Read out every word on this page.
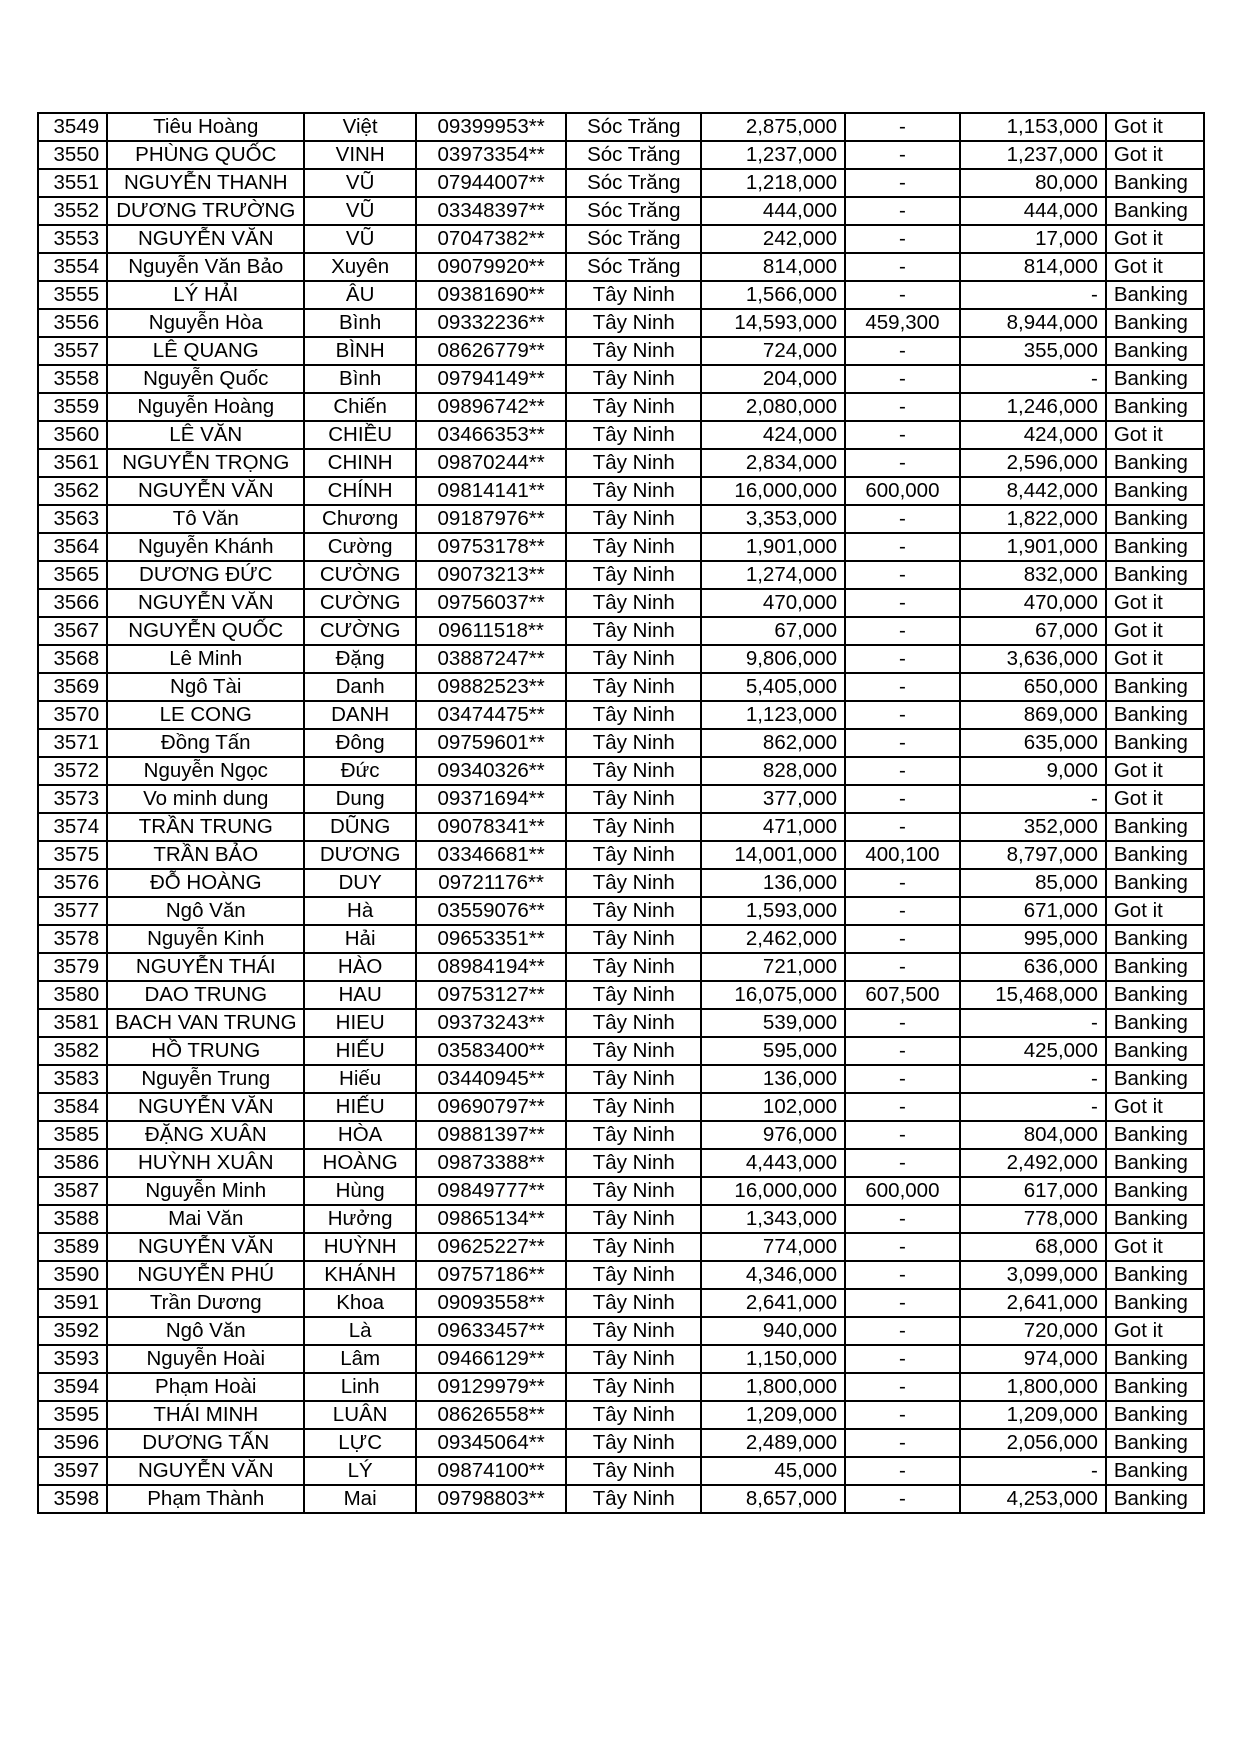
3549	Tiêu Hoàng	Việt	09399953**	Sóc Trăng	2,875,000	-	1,153,000	Got it
3550	PHÙNG QUỐC	VINH	03973354**	Sóc Trăng	1,237,000	-	1,237,000	Got it
3551	NGUYỄN THANH	VŨ	07944007**	Sóc Trăng	1,218,000	-	80,000	Banking
3552	DƯƠNG TRƯỜNG	VŨ	03348397**	Sóc Trăng	444,000	-	444,000	Banking
3553	NGUYỄN VĂN	VŨ	07047382**	Sóc Trăng	242,000	-	17,000	Got it
3554	Nguyễn Văn Bảo	Xuyên	09079920**	Sóc Trăng	814,000	-	814,000	Got it
3555	LÝ HẢI	ÂU	09381690**	Tây Ninh	1,566,000	-	-	Banking
3556	Nguyễn Hòa	Bình	09332236**	Tây Ninh	14,593,000	459,300	8,944,000	Banking
3557	LÊ QUANG	BÌNH	08626779**	Tây Ninh	724,000	-	355,000	Banking
3558	Nguyễn Quốc	Bình	09794149**	Tây Ninh	204,000	-	-	Banking
3559	Nguyễn Hoàng	Chiến	09896742**	Tây Ninh	2,080,000	-	1,246,000	Banking
3560	LÊ VĂN	CHIỀU	03466353**	Tây Ninh	424,000	-	424,000	Got it
3561	NGUYỄN TRỌNG	CHINH	09870244**	Tây Ninh	2,834,000	-	2,596,000	Banking
3562	NGUYỄN VĂN	CHÍNH	09814141**	Tây Ninh	16,000,000	600,000	8,442,000	Banking
3563	Tô Văn	Chương	09187976**	Tây Ninh	3,353,000	-	1,822,000	Banking
3564	Nguyễn Khánh	Cường	09753178**	Tây Ninh	1,901,000	-	1,901,000	Banking
3565	DƯƠNG ĐỨC	CƯỜNG	09073213**	Tây Ninh	1,274,000	-	832,000	Banking
3566	NGUYỄN VĂN	CƯỜNG	09756037**	Tây Ninh	470,000	-	470,000	Got it
3567	NGUYỄN QUỐC	CƯỜNG	09611518**	Tây Ninh	67,000	-	67,000	Got it
3568	Lê Minh	Đặng	03887247**	Tây Ninh	9,806,000	-	3,636,000	Got it
3569	Ngô Tài	Danh	09882523**	Tây Ninh	5,405,000	-	650,000	Banking
3570	LE CONG	DANH	03474475**	Tây Ninh	1,123,000	-	869,000	Banking
3571	Đồng Tấn	Đông	09759601**	Tây Ninh	862,000	-	635,000	Banking
3572	Nguyễn Ngọc	Đức	09340326**	Tây Ninh	828,000	-	9,000	Got it
3573	Vo minh dung	Dung	09371694**	Tây Ninh	377,000	-	-	Got it
3574	TRẦN TRUNG	DŨNG	09078341**	Tây Ninh	471,000	-	352,000	Banking
3575	TRẦN BẢO	DƯƠNG	03346681**	Tây Ninh	14,001,000	400,100	8,797,000	Banking
3576	ĐỖ HOÀNG	DUY	09721176**	Tây Ninh	136,000	-	85,000	Banking
3577	Ngô Văn	Hà	03559076**	Tây Ninh	1,593,000	-	671,000	Got it
3578	Nguyễn Kinh	Hải	09653351**	Tây Ninh	2,462,000	-	995,000	Banking
3579	NGUYỄN THÁI	HÀO	08984194**	Tây Ninh	721,000	-	636,000	Banking
3580	DAO TRUNG	HAU	09753127**	Tây Ninh	16,075,000	607,500	15,468,000	Banking
3581	BACH VAN TRUNG	HIEU	09373243**	Tây Ninh	539,000	-	-	Banking
3582	HỒ TRUNG	HIẾU	03583400**	Tây Ninh	595,000	-	425,000	Banking
3583	Nguyễn Trung	Hiếu	03440945**	Tây Ninh	136,000	-	-	Banking
3584	NGUYỄN VĂN	HIẾU	09690797**	Tây Ninh	102,000	-	-	Got it
3585	ĐẶNG XUÂN	HÒA	09881397**	Tây Ninh	976,000	-	804,000	Banking
3586	HUỲNH XUÂN	HOÀNG	09873388**	Tây Ninh	4,443,000	-	2,492,000	Banking
3587	Nguyễn Minh	Hùng	09849777**	Tây Ninh	16,000,000	600,000	617,000	Banking
3588	Mai Văn	Hưởng	09865134**	Tây Ninh	1,343,000	-	778,000	Banking
3589	NGUYỄN VĂN	HUỲNH	09625227**	Tây Ninh	774,000	-	68,000	Got it
3590	NGUYỄN PHÚ	KHÁNH	09757186**	Tây Ninh	4,346,000	-	3,099,000	Banking
3591	Trần Dương	Khoa	09093558**	Tây Ninh	2,641,000	-	2,641,000	Banking
3592	Ngô Văn	Là	09633457**	Tây Ninh	940,000	-	720,000	Got it
3593	Nguyễn Hoài	Lâm	09466129**	Tây Ninh	1,150,000	-	974,000	Banking
3594	Phạm Hoài	Linh	09129979**	Tây Ninh	1,800,000	-	1,800,000	Banking
3595	THÁI MINH	LUÂN	08626558**	Tây Ninh	1,209,000	-	1,209,000	Banking
3596	DƯƠNG TẤN	LỰC	09345064**	Tây Ninh	2,489,000	-	2,056,000	Banking
3597	NGUYỄN VĂN	LÝ	09874100**	Tây Ninh	45,000	-	-	Banking
3598	Phạm Thành	Mai	09798803**	Tây Ninh	8,657,000	-	4,253,000	Banking
